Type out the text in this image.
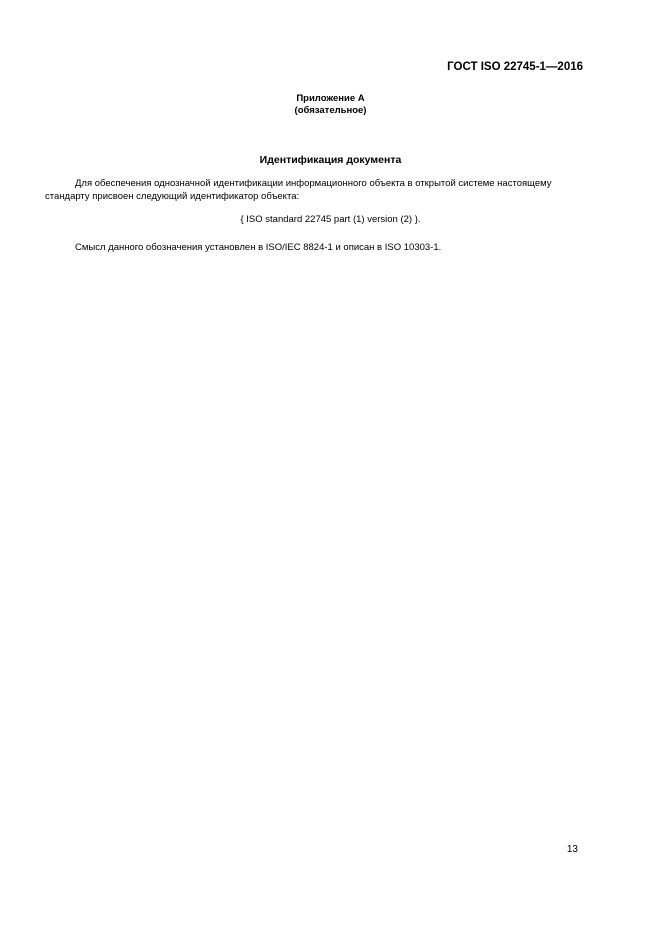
ГОСТ ISO 22745-1—2016
Приложение А
(обязательное)
Идентификация документа
Для обеспечения однозначной идентификации информационного объекта в открытой системе настоящему
стандарту присвоен следующий идентификатор объекта:
{ ISO standard 22745 part (1) version (2) }.
Смысл данного обозначения установлен в ISO/IEC 8824-1 и описан в ISO 10303-1.
13
